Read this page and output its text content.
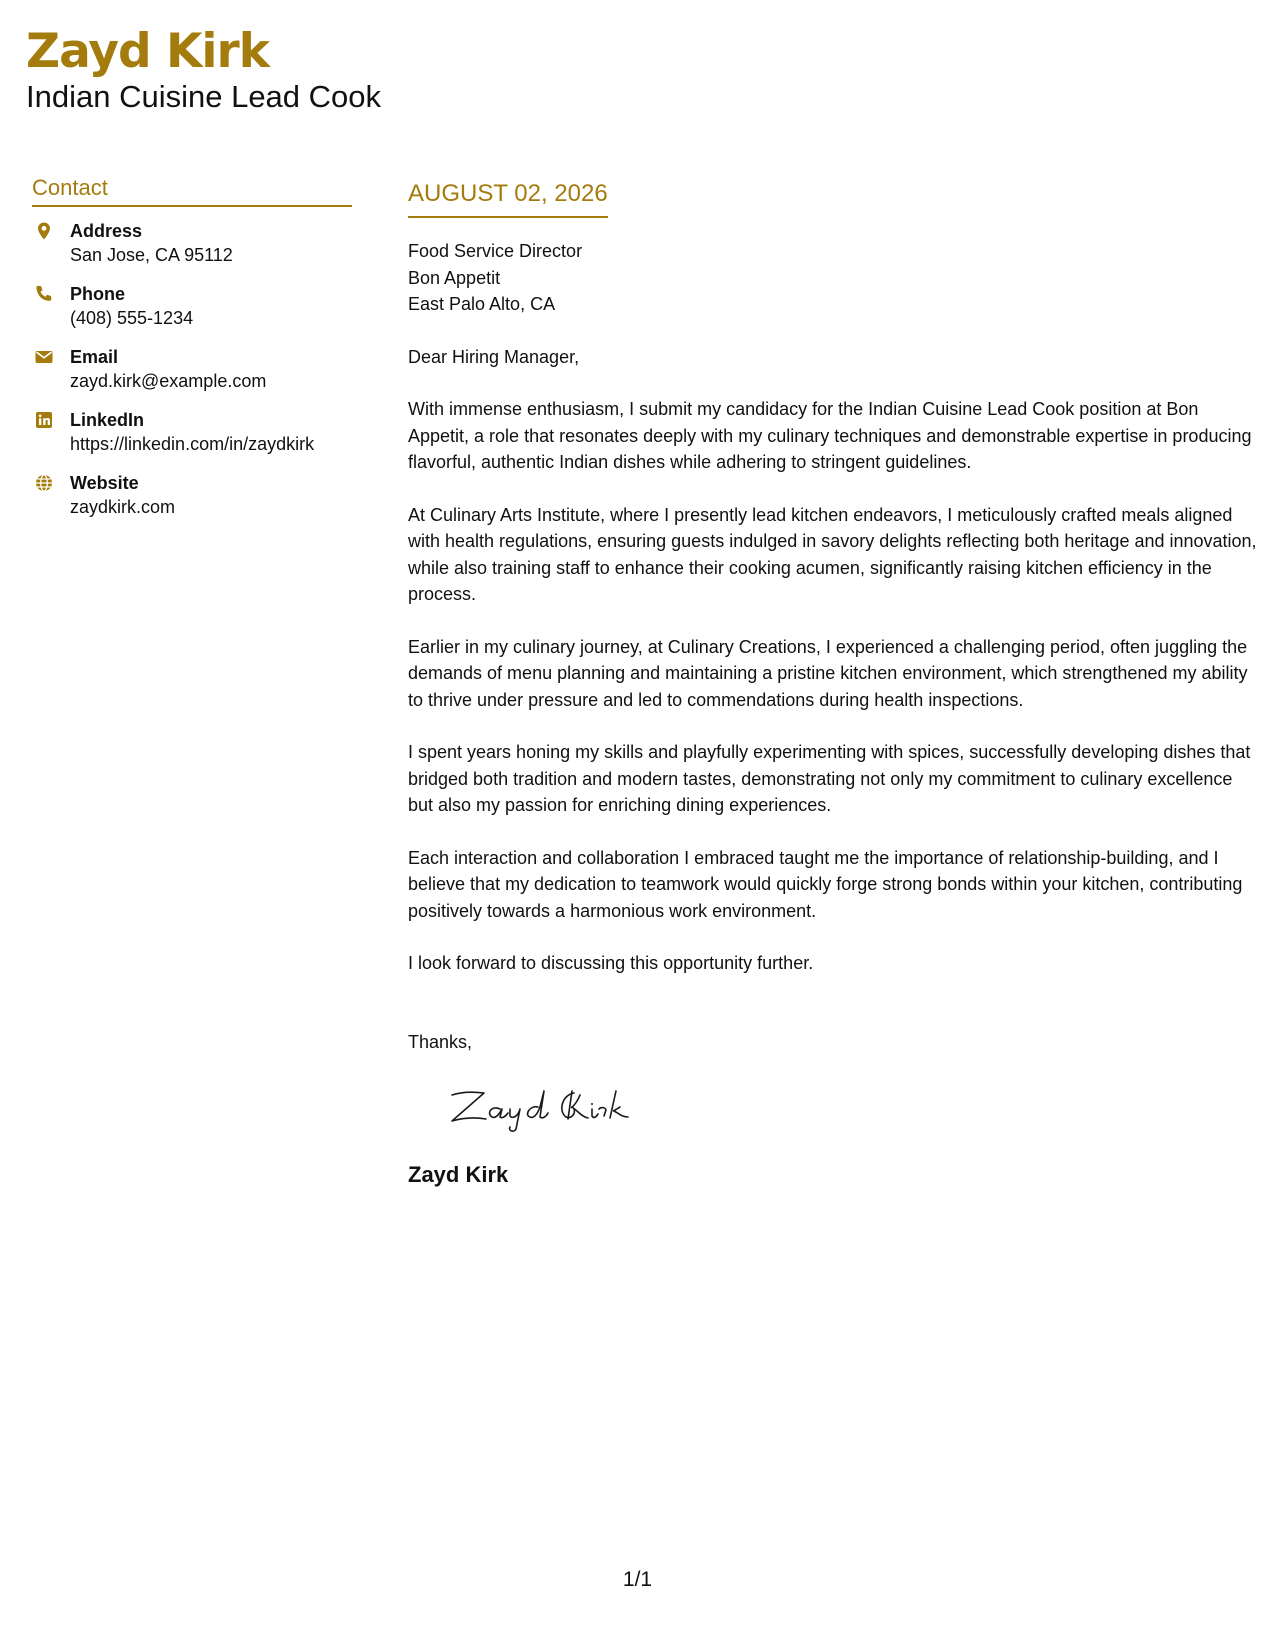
Zayd Kirk
Indian Cuisine Lead Cook
Contact
Address
San Jose, CA 95112
Phone
(408) 555-1234
Email
zayd.kirk@example.com
LinkedIn
https://linkedin.com/in/zaydkirk
Website
zaydkirk.com
AUGUST 02, 2026
Food Service Director
Bon Appetit
East Palo Alto, CA
Dear Hiring Manager,
With immense enthusiasm, I submit my candidacy for the Indian Cuisine Lead Cook position at Bon Appetit, a role that resonates deeply with my culinary techniques and demonstrable expertise in producing flavorful, authentic Indian dishes while adhering to stringent guidelines.
At Culinary Arts Institute, where I presently lead kitchen endeavors, I meticulously crafted meals aligned with health regulations, ensuring guests indulged in savory delights reflecting both heritage and innovation, while also training staff to enhance their cooking acumen, significantly raising kitchen efficiency in the process.
Earlier in my culinary journey, at Culinary Creations, I experienced a challenging period, often juggling the demands of menu planning and maintaining a pristine kitchen environment, which strengthened my ability to thrive under pressure and led to commendations during health inspections.
I spent years honing my skills and playfully experimenting with spices, successfully developing dishes that bridged both tradition and modern tastes, demonstrating not only my commitment to culinary excellence but also my passion for enriching dining experiences.
Each interaction and collaboration I embraced taught me the importance of relationship-building, and I believe that my dedication to teamwork would quickly forge strong bonds within your kitchen, contributing positively towards a harmonious work environment.
I look forward to discussing this opportunity further.
Thanks,
Zayd Kirk
1/1
